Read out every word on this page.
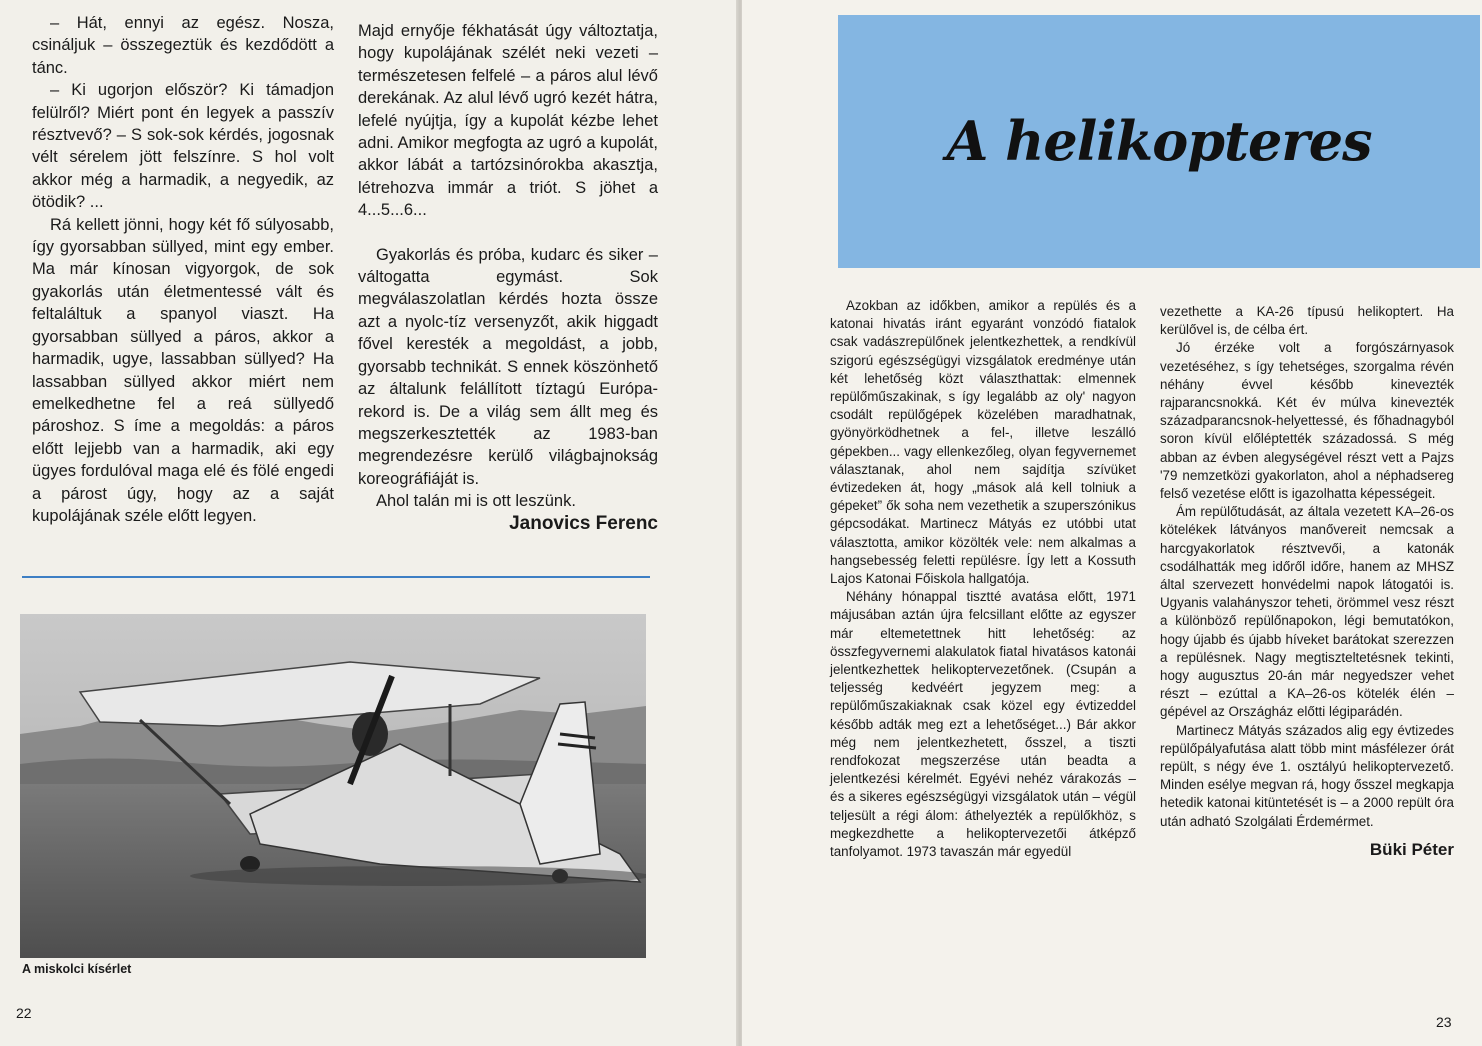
– Hát, ennyi az egész. Nosza, csináljuk – összegeztük és kezdődött a tánc.

– Ki ugorjon először? Ki támadjon felülről? Miért pont én legyek a passzív résztvevő? – S sok-sok kérdés, jogosnak vélt sérelem jött felszínre. S hol volt akkor még a harmadik, a negyedik, az ötödik? ...

Rá kellett jönni, hogy két fő súlyosabb, így gyorsabban süllyed, mint egy ember. Ma már kínosan vigyorgok, de sok gyakorlás után életmentessé vált és feltaláltuk a spanyol viaszt. Ha gyorsabban süllyed a páros, akkor a harmadik, ugye, lassabban süllyed? Ha lassabban süllyed akkor miért nem emelkedhetne fel a reá süllyedő pároshoz. S íme a megoldás: a páros előtt lejjebb van a harmadik, aki egy ügyes fordulóval maga elé és fölé engedi a párost úgy, hogy az a saját kupolájának széle előtt legyen.

Majd ernyője fékhatását úgy változtatja, hogy kupolájának szélét neki vezeti – természetesen felfelé – a páros alul lévő derekának. Az alul lévő ugró kezét hátra, lefelé nyújtja, így a kupolát kézbe lehet adni. Amikor megfogta az ugró a kupolát, akkor lábát a tartózsinórokba akasztja, létrehozva immár a triót. S jöhet a 4...5...6...

Gyakorlás és próba, kudarc és siker – váltogatta egymást. Sok megválaszolatlan kérdés hozta össze azt a nyolc-tíz versenyzőt, akik higgadt fővel keresték a megoldást, a jobb, gyorsabb technikát. S ennek köszönhető az általunk felállított tíztagú Európa-rekord is. De a világ sem állt meg és megszerkesztették az 1983-ban megrendezésre kerülő világbajnokság koreográfiáját is.

Ahol talán mi is ott leszünk.

Janovics Ferenc
A miskolci kísérlet
22
A helikopteres

Azokban az időkben, amikor a repülés és a katonai hivatás iránt egyaránt vonzódó fiatalok csak vadászrepülőnek jelentkezhettek, a rendkívül szigorú egészségügyi vizsgálatok eredménye után két lehetőség közt választhattak: elmennek repülőműszakinak, s így legalább az oly' nagyon csodált repülőgépek közelében maradhatnak, gyönyörködhetnek a fel-, illetve leszálló gépekben... vagy ellenkezőleg, olyan fegyvernemet választanak, ahol nem sajdítja szívüket évtizedeken át, hogy „mások alá kell tolniuk a gépeket” ők soha nem vezethetik a szuperszónikus gépcsodákat. Martinecz Mátyás ez utóbbi utat választotta, amikor közölték vele: nem alkalmas a hangsebesség feletti repülésre. Így lett a Kossuth Lajos Katonai Főiskola hallgatója.

Néhány hónappal tisztté avatása előtt, 1971 májusában aztán újra felcsillant előtte az egyszer már eltemetettnek hitt lehetőség: az összfegyvernemi alakulatok fiatal hivatásos katonái jelentkezhettek helikoptervezetőnek. (Csupán a teljesség kedvéért jegyzem meg: a repülőműszakiaknak csak közel egy évtizeddel később adták meg ezt a lehetőséget...) Bár akkor még nem jelentkezhetett, ősszel, a tiszti rendfokozat megszerzése után beadta a jelentkezési kérelmét. Egyévi nehéz várakozás – és a sikeres egészségügyi vizsgálatok után – végül teljesült a régi álom: áthelyezték a repülőkhöz, s megkezdhette a helikoptervezetői átképző tanfolyamot. 1973 tavaszán már egyedül

vezethette a KA-26 típusú helikoptert. Ha kerülővel is, de célba ért.

Jó érzéke volt a forgószárnyasok vezetéséhez, s így tehetséges, szorgalma révén néhány évvel később kinevezték rajparancsnokká. Két év múlva kinevezték századparancsnok-helyettessé, és főhadnagyból soron kívül előléptették századossá. S még abban az évben alegységével részt vett a Pajzs '79 nemzetközi gyakorlaton, ahol a néphadsereg felső vezetése előtt is igazolhatta képességeit.

Ám repülőtudását, az általa vezetett KA–26-os kötelékek látványos manővereit nemcsak a harcgyakorlatok résztvevői, a katonák csodálhatták meg időről időre, hanem az MHSZ által szervezett honvédelmi napok látogatói is. Ugyanis valahányszor teheti, örömmel vesz részt a különböző repülőnapokon, légi bemutatókon, hogy újabb és újabb híveket barátokat szerezzen a repülésnek. Nagy megtiszteltetésnek tekinti, hogy augusztus 20-án már negyedszer vehet részt – ezúttal a KA–26-os kötelék élén – gépével az Országház előtti légiparádén.

Martinecz Mátyás százados alig egy évtizedes repülőpályafutása alatt több mint másfélezer órát repült, s négy éve 1. osztályú helikoptervezető. Minden esélye megvan rá, hogy ősszel megkapja hetedik katonai kitüntetését is – a 2000 repült óra után adható Szolgálati Érdemérmet.

Büki Péter
23
